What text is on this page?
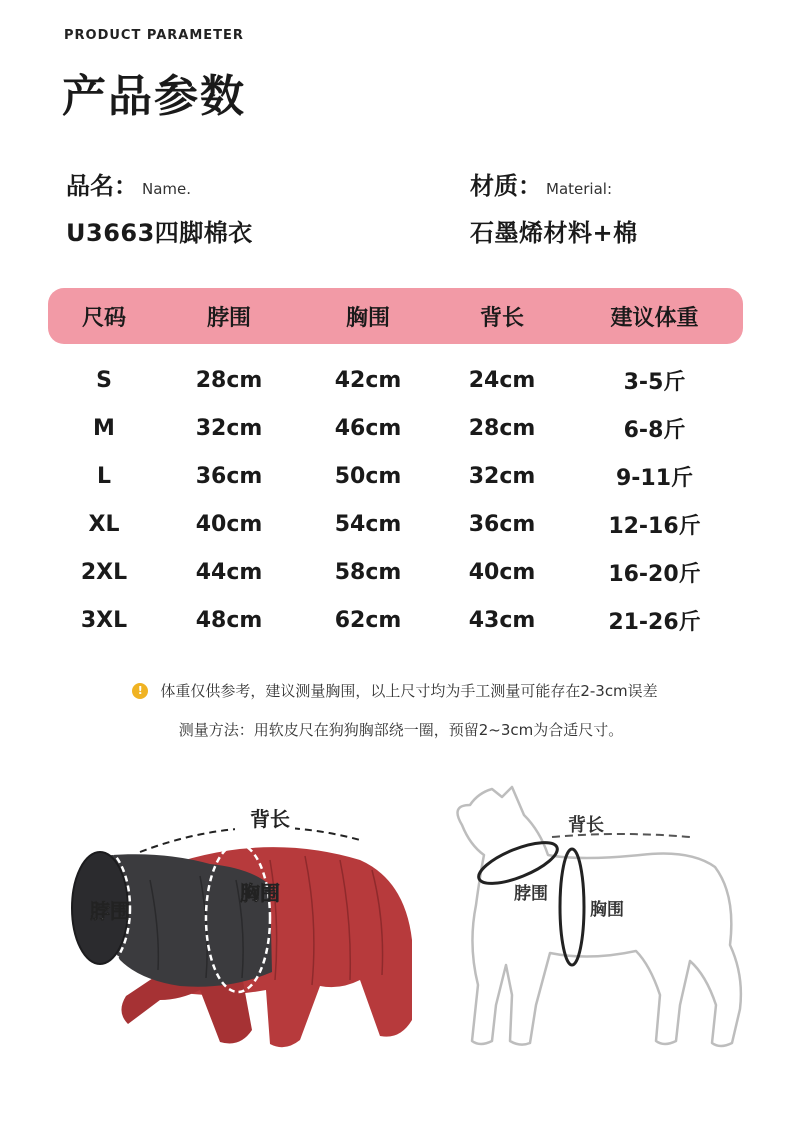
PRODUCT PARAMETER
产品参数
品名： Name.
U3663四脚棉衣
材质： Material:
石墨烯材料+棉
尺码	脖围	胸围	背长	建议体重
S	28cm	42cm	24cm	3-5斤
M	32cm	46cm	28cm	6-8斤
L	36cm	50cm	32cm	9-11斤
XL	40cm	54cm	36cm	12-16斤
2XL	44cm	58cm	40cm	16-20斤
3XL	48cm	62cm	43cm	21-26斤
!	体重仅供参考，建议测量胸围，以上尺寸均为手工测量可能存在2-3cm误差
测量方法：用软皮尺在狗狗胸部绕一圈，预留2~3cm为合适尺寸。
背长
胸围
脖围
背长
脖围
胸围
